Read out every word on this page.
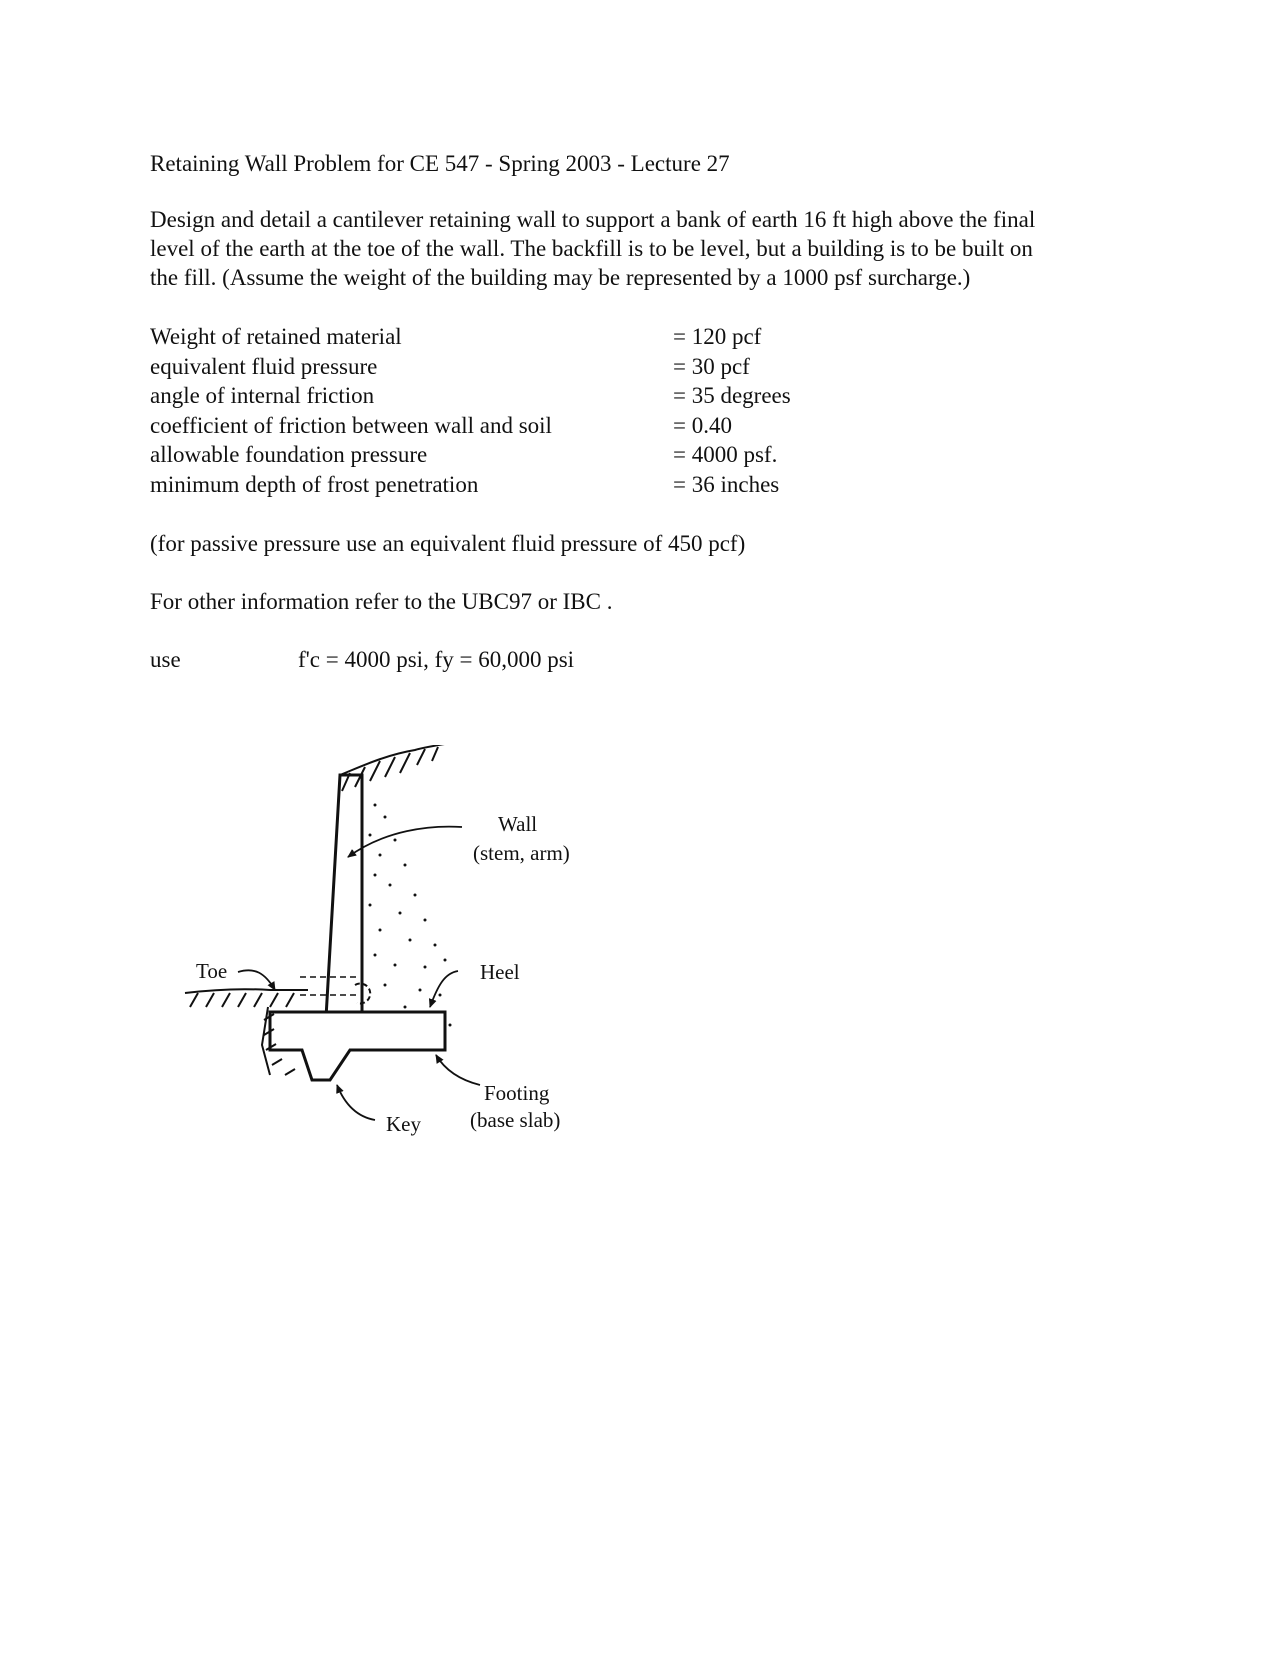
Retaining Wall Problem for CE 547 - Spring 2003 - Lecture 27
Design and detail a cantilever retaining wall to support a bank of earth 16 ft high above the final
level of the earth at the toe of the wall. The backfill is to be level, but a building is to be built on
the fill. (Assume the weight of the building may be represented by a 1000 psf surcharge.)
Weight of retained material	= 120 pcf
equivalent fluid pressure	= 30 pcf
angle of internal friction	= 35 degrees
coefficient of friction between wall and soil	= 0.40
allowable foundation pressure	= 4000 psf.
minimum depth of frost penetration	= 36 inches
(for passive pressure use an equivalent fluid pressure of 450 pcf)
For other information refer to the UBC97 or IBC .
use	f'c = 4000 psi, fy = 60,000 psi
Wall
(stem, arm)
Toe	Heel
Footing
(base slab)
Key
